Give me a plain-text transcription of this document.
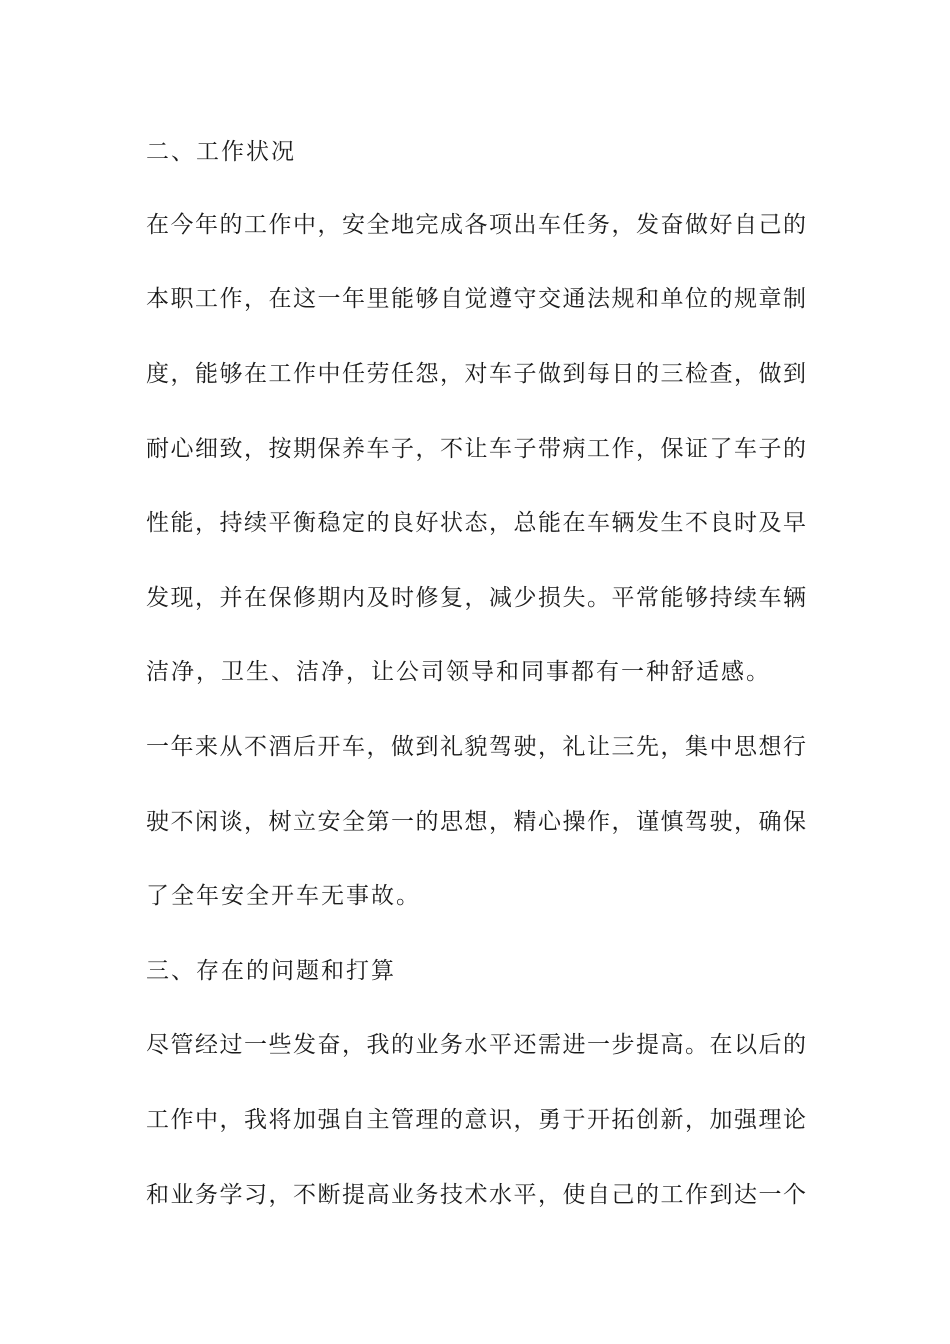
二、工作状况
在今年的工作中，安全地完成各项出车任务，发奋做好自己的
本职工作，在这一年里能够自觉遵守交通法规和单位的规章制
度，能够在工作中任劳任怨，对车子做到每日的三检查，做到
耐心细致，按期保养车子，不让车子带病工作，保证了车子的
性能，持续平衡稳定的良好状态，总能在车辆发生不良时及早
发现，并在保修期内及时修复，减少损失。平常能够持续车辆
洁净，卫生、洁净，让公司领导和同事都有一种舒适感。
一年来从不酒后开车，做到礼貌驾驶，礼让三先，集中思想行
驶不闲谈，树立安全第一的思想，精心操作，谨慎驾驶，确保
了全年安全开车无事故。
三、存在的问题和打算
尽管经过一些发奋，我的业务水平还需进一步提高。在以后的
工作中，我将加强自主管理的意识，勇于开拓创新，加强理论
和业务学习，不断提高业务技术水平，使自己的工作到达一个
